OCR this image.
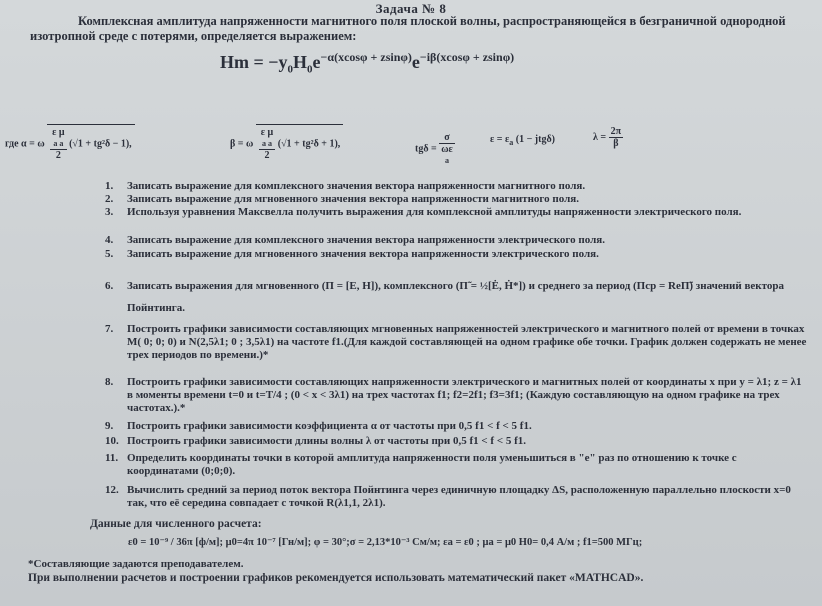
Задача № 8
Комплексная амплитуда напряженности магнитного поля плоской волны, распространяющейся в безграничной однородной изотропной среде с потерями, определяется выражением:
$Hm = -y_0H_0e^{-\alpha(xcos\varphi + zsin\varphi)}e^{-i\beta(xcos\varphi + zsin\varphi)}$
где α = ω
ε μ
a a
2
(√1 + tg²δ − 1),	β = ω
ε μ
a a
2
(√1 + tg²δ + 1),	tgδ =
σ
ωε
a
$\varepsilon = \varepsilon_a$ (1 − jtgδ)	$\lambda = \frac{2\pi}{\beta}$
1. Записать выражение для комплексного значения вектора напряженности магнитного поля.
2. Записать выражение для мгновенного значения вектора напряженности магнитного поля.
3. Используя уравнения Максвелла получить выражения для комплексной амплитуды напряженности электрического поля.
4. Записать выражение для комплексного значения вектора напряженности электрического поля.
5. Записать выражение для мгновенного значения вектора напряженности электрического поля.
6. Записать выражения для мгновенного (Π = [E, H]), комплексного (Π̃ = ½[Ė, Ḣ*]) и среднего за период (Πср = ReΠ̃) значений вектора Пойнтинга.
7. Построить графики зависимости составляющих мгновенных напряженностей электрического и магнитного полей от времени в точках M( 0; 0; 0) и N(2,5λ1; 0 ; 3,5λ1) на частоте f1.(Для каждой составляющей на одном графике обе точки. График должен содержать не менее трех периодов по времени.)*
8. Построить графики зависимости составляющих напряженности электрического и магнитных полей от координаты x при y = λ1; z = λ1 в моменты времени t=0 и t=T/4 ; (0 < x < 3λ1) на трех частотах f1; f2=2f1; f3=3f1; (Каждую составляющую на одном графике на трех частотах.).*
9. Построить графики зависимости коэффициента α от частоты при 0,5 f1 < f < 5 f1.
10. Построить графики зависимости длины волны λ от частоты при 0,5 f1 < f < 5 f1.
11. Определить координаты точки в которой амплитуда напряженности поля уменьшиться в "е" раз по отношению к точке с координатами (0;0;0).
12. Вычислить средний за период поток вектора Пойнтинга через единичную площадку ΔS, расположенную параллельно плоскости x=0 так, что её середина совпадает с точкой R(λ1,1, 2λ1).
Данные для численного расчета:
ε0 = 10⁻⁹ / 36π [ф/м]; μ0=4π 10⁻⁷ [Гн/м]; φ = 30°;σ = 2,13*10⁻³ См/м; εa = ε0 ; μa = μ0 H0= 0,4 А/м ; f1=500 МГц;
*Составляющие задаются преподавателем.
При выполнении расчетов и построении графиков рекомендуется использовать математический пакет «MATHCAD».
